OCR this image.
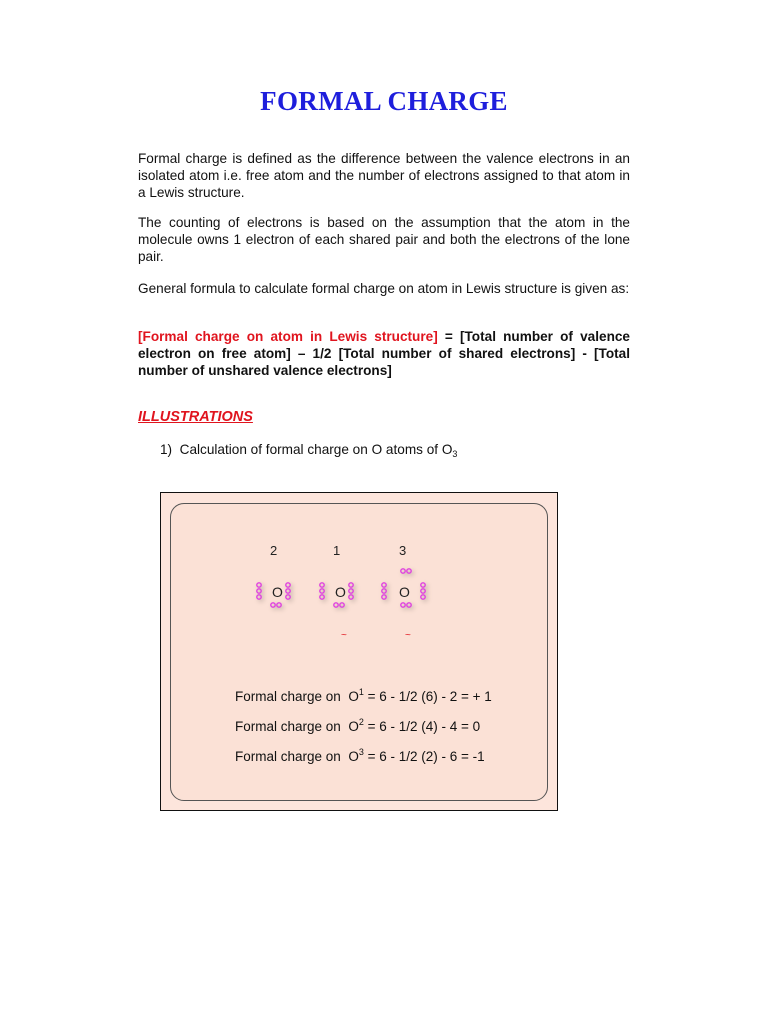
FORMAL CHARGE

Formal charge is defined as the difference between the valence electrons in an isolated atom i.e. free atom and the number of electrons assigned to that atom in a Lewis structure.

The counting of electrons is based on the assumption that the atom in the molecule owns 1 electron of each shared pair and both the electrons of the lone pair.

General formula to calculate formal charge on atom in Lewis structure is given as:

[Formal charge on atom in Lewis structure] = [Total number of valence electron on free atom] – 1/2 [Total number of shared electrons] - [Total number of unshared valence electrons]

ILLUSTRATIONS

1) Calculation of formal charge on O atoms of $O_3$

2	1	3
O	O	O
~	~
Formal charge on $O^1 = 6 - 1/2$ (6) - 2 = + 1
Formal charge on $O^2 = 6 - 1/2$ (4) - 4 = 0
Formal charge on $O^3 = 6 - 1/2$ (2) - 6 = -1
